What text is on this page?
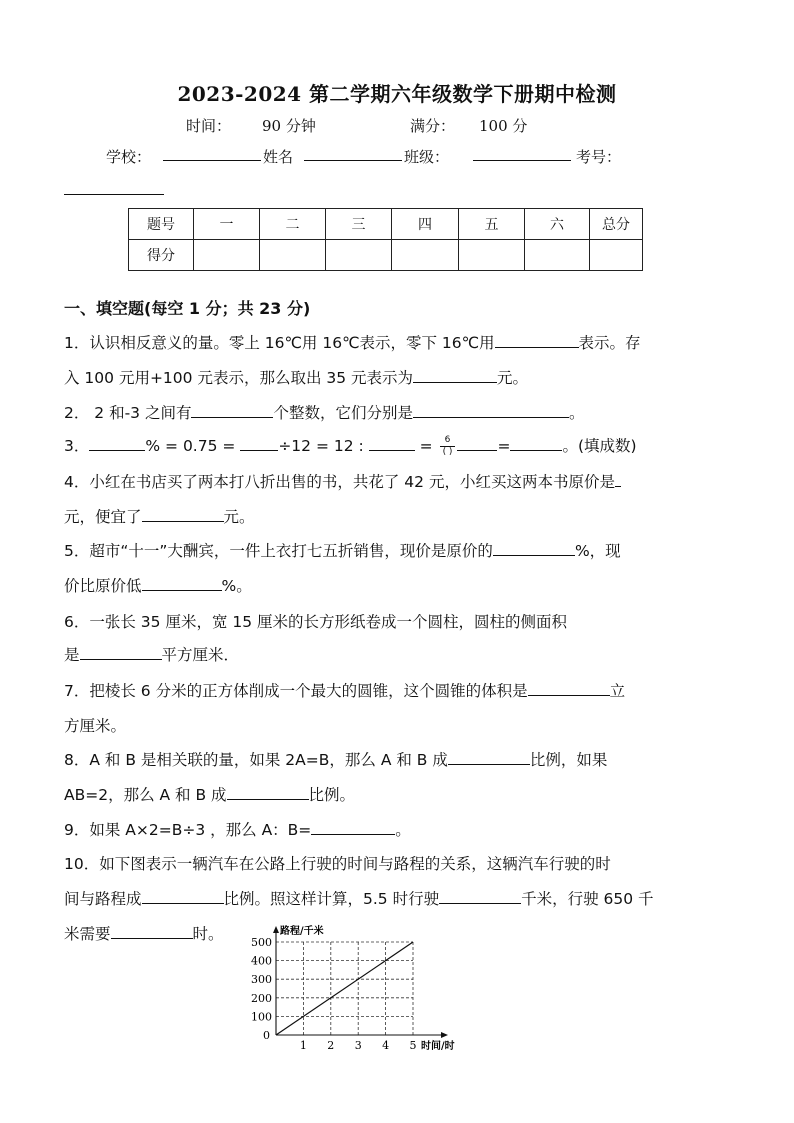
2023-2024 第二学期六年级数学下册期中检测
时间： 90 分钟	满分： 100 分
学校：	姓名	班级：	考号：
题号	一	二	三	四	五	六	总分
得分							
一、填空题(每空 1 分；共 23 分)
1．认识相反意义的量。零上 16℃用 16℃表示，零下 16℃用	表示。存
入 100 元用+100 元表示，那么取出 35 元表示为	元。
2． 2 和-3 之间有	个整数，它们分别是	。
3．	% = 0.75 =	÷12 = 12 :	= $\frac{6}{( )}$	=	。(填成数)
4．小红在书店买了两本打八折出售的书，共花了 42 元，小红买这两本书原价是
元，便宜了	元。
5．超市“十一”大酬宾，一件上衣打七五折销售，现价是原价的	%，现
价比原价低	%。
6．一张长 35 厘米，宽 15 厘米的长方形纸卷成一个圆柱，圆柱的侧面积
是	平方厘米．
7．把棱长 6 分米的正方体削成一个最大的圆锥，这个圆锥的体积是	立
方厘米。
8．A 和 B 是相关联的量，如果 2A=B，那么 A 和 B 成	比例，如果
AB=2，那么 A 和 B 成	比例。
9．如果 A×2=B÷3 ，那么 A：B=	。
10．如下图表示一辆汽车在公路上行驶的时间与路程的关系，这辆汽车行驶的时
间与路程成	比例。照这样计算，5.5 时行驶	千米，行驶 650 千
米需要	时。
1 2 3 4 5
100
200
300
400
500
0
路程/千米
时间/时
